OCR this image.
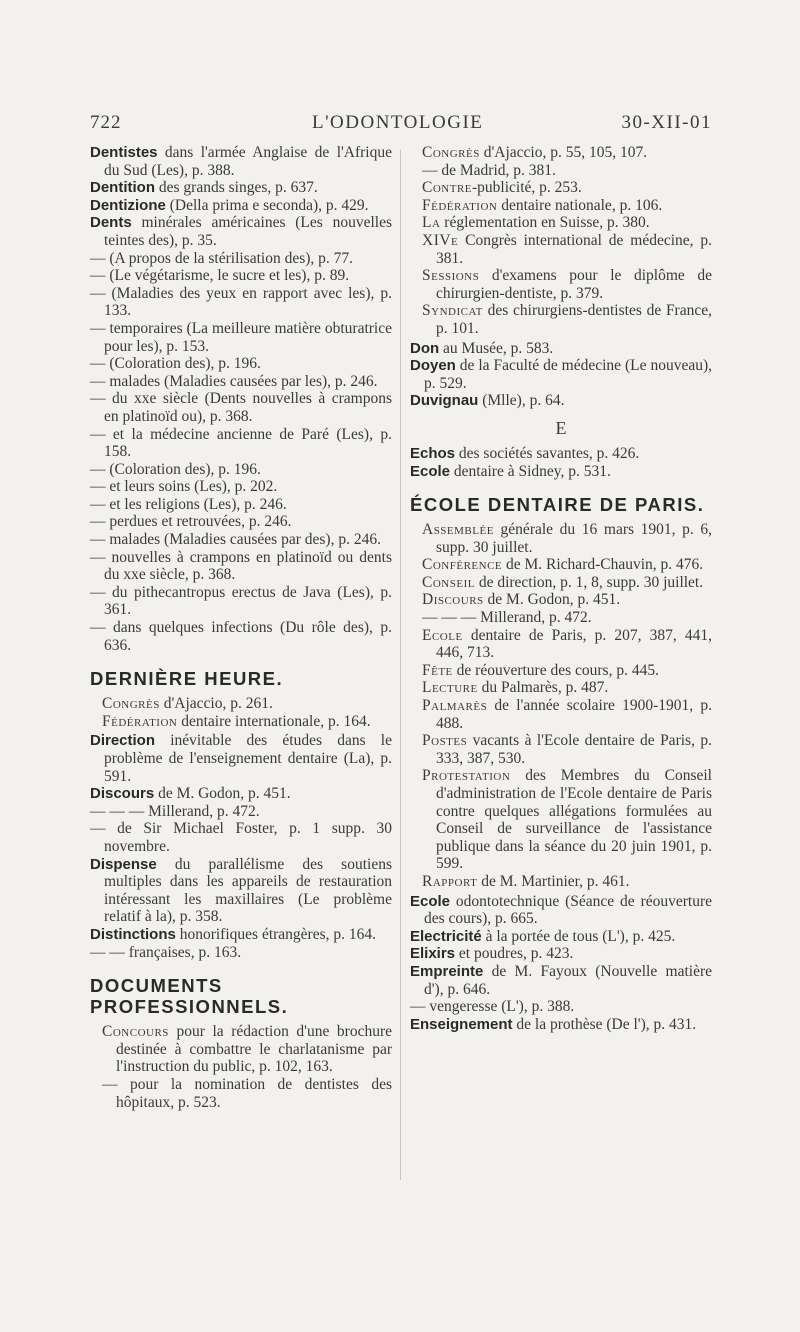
722	L'ODONTOLOGIE	30-XII-01
Dentistes dans l'armée Anglaise de l'Afrique du Sud (Les), p. 388.
Dentition des grands singes, p. 637.
Dentizione (Della prima e seconda), p. 429.
Dents minérales américaines (Les nouvelles teintes des), p. 35.
— (A propos de la stérilisation des), p. 77.
— (Le végétarisme, le sucre et les), p. 89.
— (Maladies des yeux en rapport avec les), p. 133.
— temporaires (La meilleure matière obturatrice pour les), p. 153.
— (Coloration des), p. 196.
— malades (Maladies causées par les), p. 246.
— du xxe siècle (Dents nouvelles à crampons en platinoïd ou), p. 368.
— et la médecine ancienne de Paré (Les), p. 158.
— (Coloration des), p. 196.
— et leurs soins (Les), p. 202.
— et les religions (Les), p. 246.
— perdues et retrouvées, p. 246.
— malades (Maladies causées par des), p. 246.
— nouvelles à crampons en platinoïd ou dents du xxe siècle, p. 368.
— du pithecantropus erectus de Java (Les), p. 361.
— dans quelques infections (Du rôle des), p. 636.
DERNIÈRE HEURE.
Congrès d'Ajaccio, p. 261.
Fédération dentaire internationale, p. 164.
Direction inévitable des études dans le problème de l'enseignement dentaire (La), p. 591.
Discours de M. Godon, p. 451.
— — — Millerand, p. 472.
— de Sir Michael Foster, p. 1 supp. 30 novembre.
Dispense du parallélisme des soutiens multiples dans les appareils de restauration intéressant les maxillaires (Le problème relatif à la), p. 358.
Distinctions honorifiques étrangères, p. 164.
— — françaises, p. 163.
DOCUMENTS PROFESSIONNELS.
Concours pour la rédaction d'une brochure destinée à combattre le charlatanisme par l'instruction du public, p. 102, 163.
— pour la nomination de dentistes des hôpitaux, p. 523.
Congrès d'Ajaccio, p. 55, 105, 107.
— de Madrid, p. 381.
Contre-publicité, p. 253.
Fédération dentaire nationale, p. 106.
La réglementation en Suisse, p. 380.
XIVe Congrès international de médecine, p. 381.
Sessions d'examens pour le diplôme de chirurgien-dentiste, p. 379.
Syndicat des chirurgiens-dentistes de France, p. 101.
Don au Musée, p. 583.
Doyen de la Faculté de médecine (Le nouveau), p. 529.
Duvignau (Mlle), p. 64.
E
Echos des sociétés savantes, p. 426.
Ecole dentaire à Sidney, p. 531.
ÉCOLE DENTAIRE DE PARIS.
Assemblée générale du 16 mars 1901, p. 6, supp. 30 juillet.
Conférence de M. Richard-Chauvin, p. 476.
Conseil de direction, p. 1, 8, supp. 30 juillet.
Discours de M. Godon, p. 451.
— — — Millerand, p. 472.
Ecole dentaire de Paris, p. 207, 387, 441, 446, 713.
Fête de réouverture des cours, p. 445.
Lecture du Palmarès, p. 487.
Palmarès de l'année scolaire 1900-1901, p. 488.
Postes vacants à l'Ecole dentaire de Paris, p. 333, 387, 530.
Protestation des Membres du Conseil d'administration de l'Ecole dentaire de Paris contre quelques allégations formulées au Conseil de surveillance de l'assistance publique dans la séance du 20 juin 1901, p. 599.
Rapport de M. Martinier, p. 461.
Ecole odontotechnique (Séance de réouverture des cours), p. 665.
Electricité à la portée de tous (L'), p. 425.
Elixirs et poudres, p. 423.
Empreinte de M. Fayoux (Nouvelle matière d'), p. 646.
— vengeresse (L'), p. 388.
Enseignement de la prothèse (De l'), p. 431.
